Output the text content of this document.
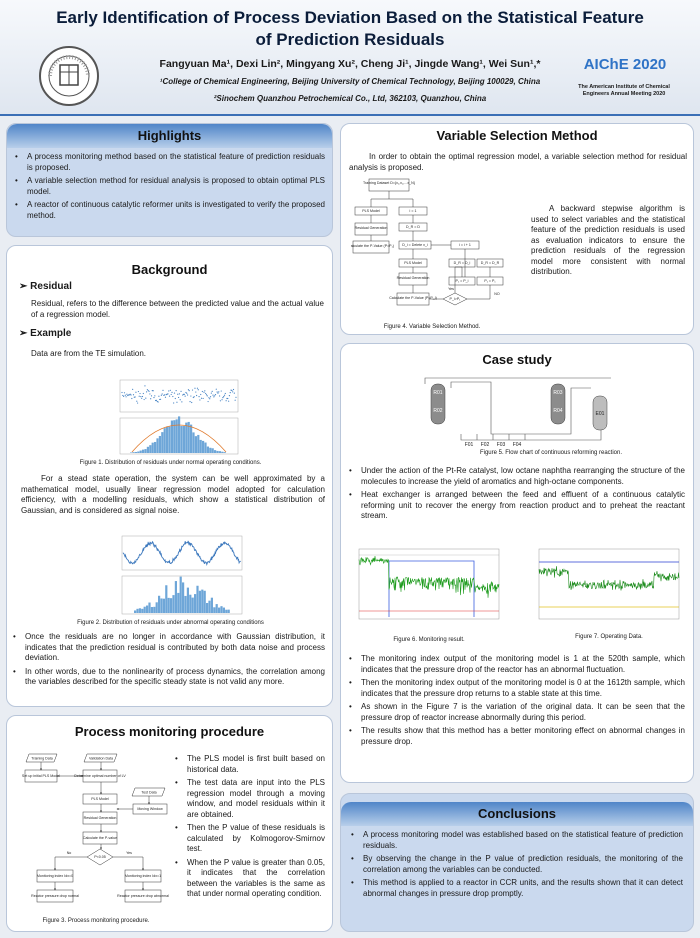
Early Identification of Process Deviation Based on the Statistical Feature
of Prediction Residuals
Fangyuan Ma¹, Dexi Lin², Mingyang Xu², Cheng Ji¹, Jingde Wang¹, Wei Sun¹,*
¹College of Chemical Engineering, Beijing University of Chemical Technology, Beijing 100029, China
²Sinochem Quanzhou Petrochemical Co., Ltd, 362103, Quanzhou, China
AIChE 2020
The American Institute of Chemical Engineers Annual Meeting 2020
Highlights
• A process monitoring method based on the statistical feature of prediction residuals is proposed.
• A variable selection method for residual analysis is proposed to obtain optimal PLS model.
• A reactor of continuous catalytic reformer units is investigated to verify the proposed method.
Background
➢ Residual
Residual, refers to the difference between the predicted value and the actual value of a regression model.
➢ Example
Data are from the TE simulation.
Figure 1. Distribution of residuals under normal operating conditions.
For a stead state operation, the system can be well approximated by a mathematical model, usually linear regression model adopted for calculation efficiency, with a modelling residuals, which show a statistical distribution of Gaussian, and is considered as signal noise.
Figure 2. Distribution of residuals under abnormal operating conditions
• Once the residuals are no longer in accordance with Gaussian distribution, it indicates that the prediction residual is contributed by both data noise and process deviation.
• In other words, due to the nonlinearity of process dynamics, the correlation among the variables described for the specific steady state is not valid any more.
Process monitoring procedure
Training Data	Validation Data
Set up initial PLS Model	Determine optimal number of LV
Test Data
PLS Model
Moving Window
Residual Generation
Calculate the P-value
P<0.05
No	Yes
Monitoring index Idx=0	Monitoring index Idx=1
Reactor pressure drop normal	Reactor pressure drop abnormal
Figure 3. Process monitoring procedure.
• The PLS model is first built based on historical data.
• The test data are input into the PLS regression model through a moving window, and model residuals within it are obtained.
• Then the P value of these residuals is calculated by Kolmogorov-Smirnov test.
• When the P value is greater than 0.05, it indicates that the correlation between the variables is the same as that under normal operating condition.
Variable Selection Method
In order to obtain the optimal regression model, a variable selection method for residual analysis is proposed.
Training Dataset D={x₁,x₂,...x_N}
PLS Model	i = 1
Residual Generation	D_R = D
Calculate the P-Value (P=P₁) D_i = Delete x_i	i = i + 1
PLS Model	D_R = D_i	D_R = D_R
Residual Generation
P₁ = P_i	P₁ = P₁
Calculate the P-Value (P=P_i)	P_i>P₁
Yes
NO
Figure 4. Variable Selection Method.
A backward stepwise algorithm is used to select variables and the statistical feature of the prediction residuals is used as evaluation indicators to ensure the prediction residuals of the regression model more consistent with normal distribution.
Case study
R01
R02
R03
R04	E01
F01 F02 F03 F04
Figure 5. Flow chart of continuous reforming reaction.
• Under the action of the Pt-Re catalyst, low octane naphtha rearranging the structure of the molecules to increase the yield of aromatics and high-octane components.
• Heat exchanger is arranged between the feed and effluent of a continuous catalytic reforming unit to recover the energy from reaction product and to preheat the reactant stream.
Figure 6. Monitoring result.	Figure 7. Operating Data.
• The monitoring index output of the monitoring model is 1 at the 520th sample, which indicates that the pressure drop of the reactor has an abnormal fluctuation.
• Then the monitoring index output of the monitoring model is 0 at the 1612th sample, which indicates that the pressure drop returns to a stable state at this time.
• As shown in the Figure 7 is the variation of the original data. It can be seen that the pressure drop of reactor increase abnormally during this period.
• The results show that this method has a better monitoring effect on abnormal changes in pressure drop.
Conclusions
• A process monitoring model was established based on the statistical feature of prediction residuals.
• By observing the change in the P value of prediction residuals, the monitoring of the correlation among the variables can be conducted.
• This method is applied to a reactor in CCR units, and the results shown that it can detect abnormal changes in pressure drop promptly.
